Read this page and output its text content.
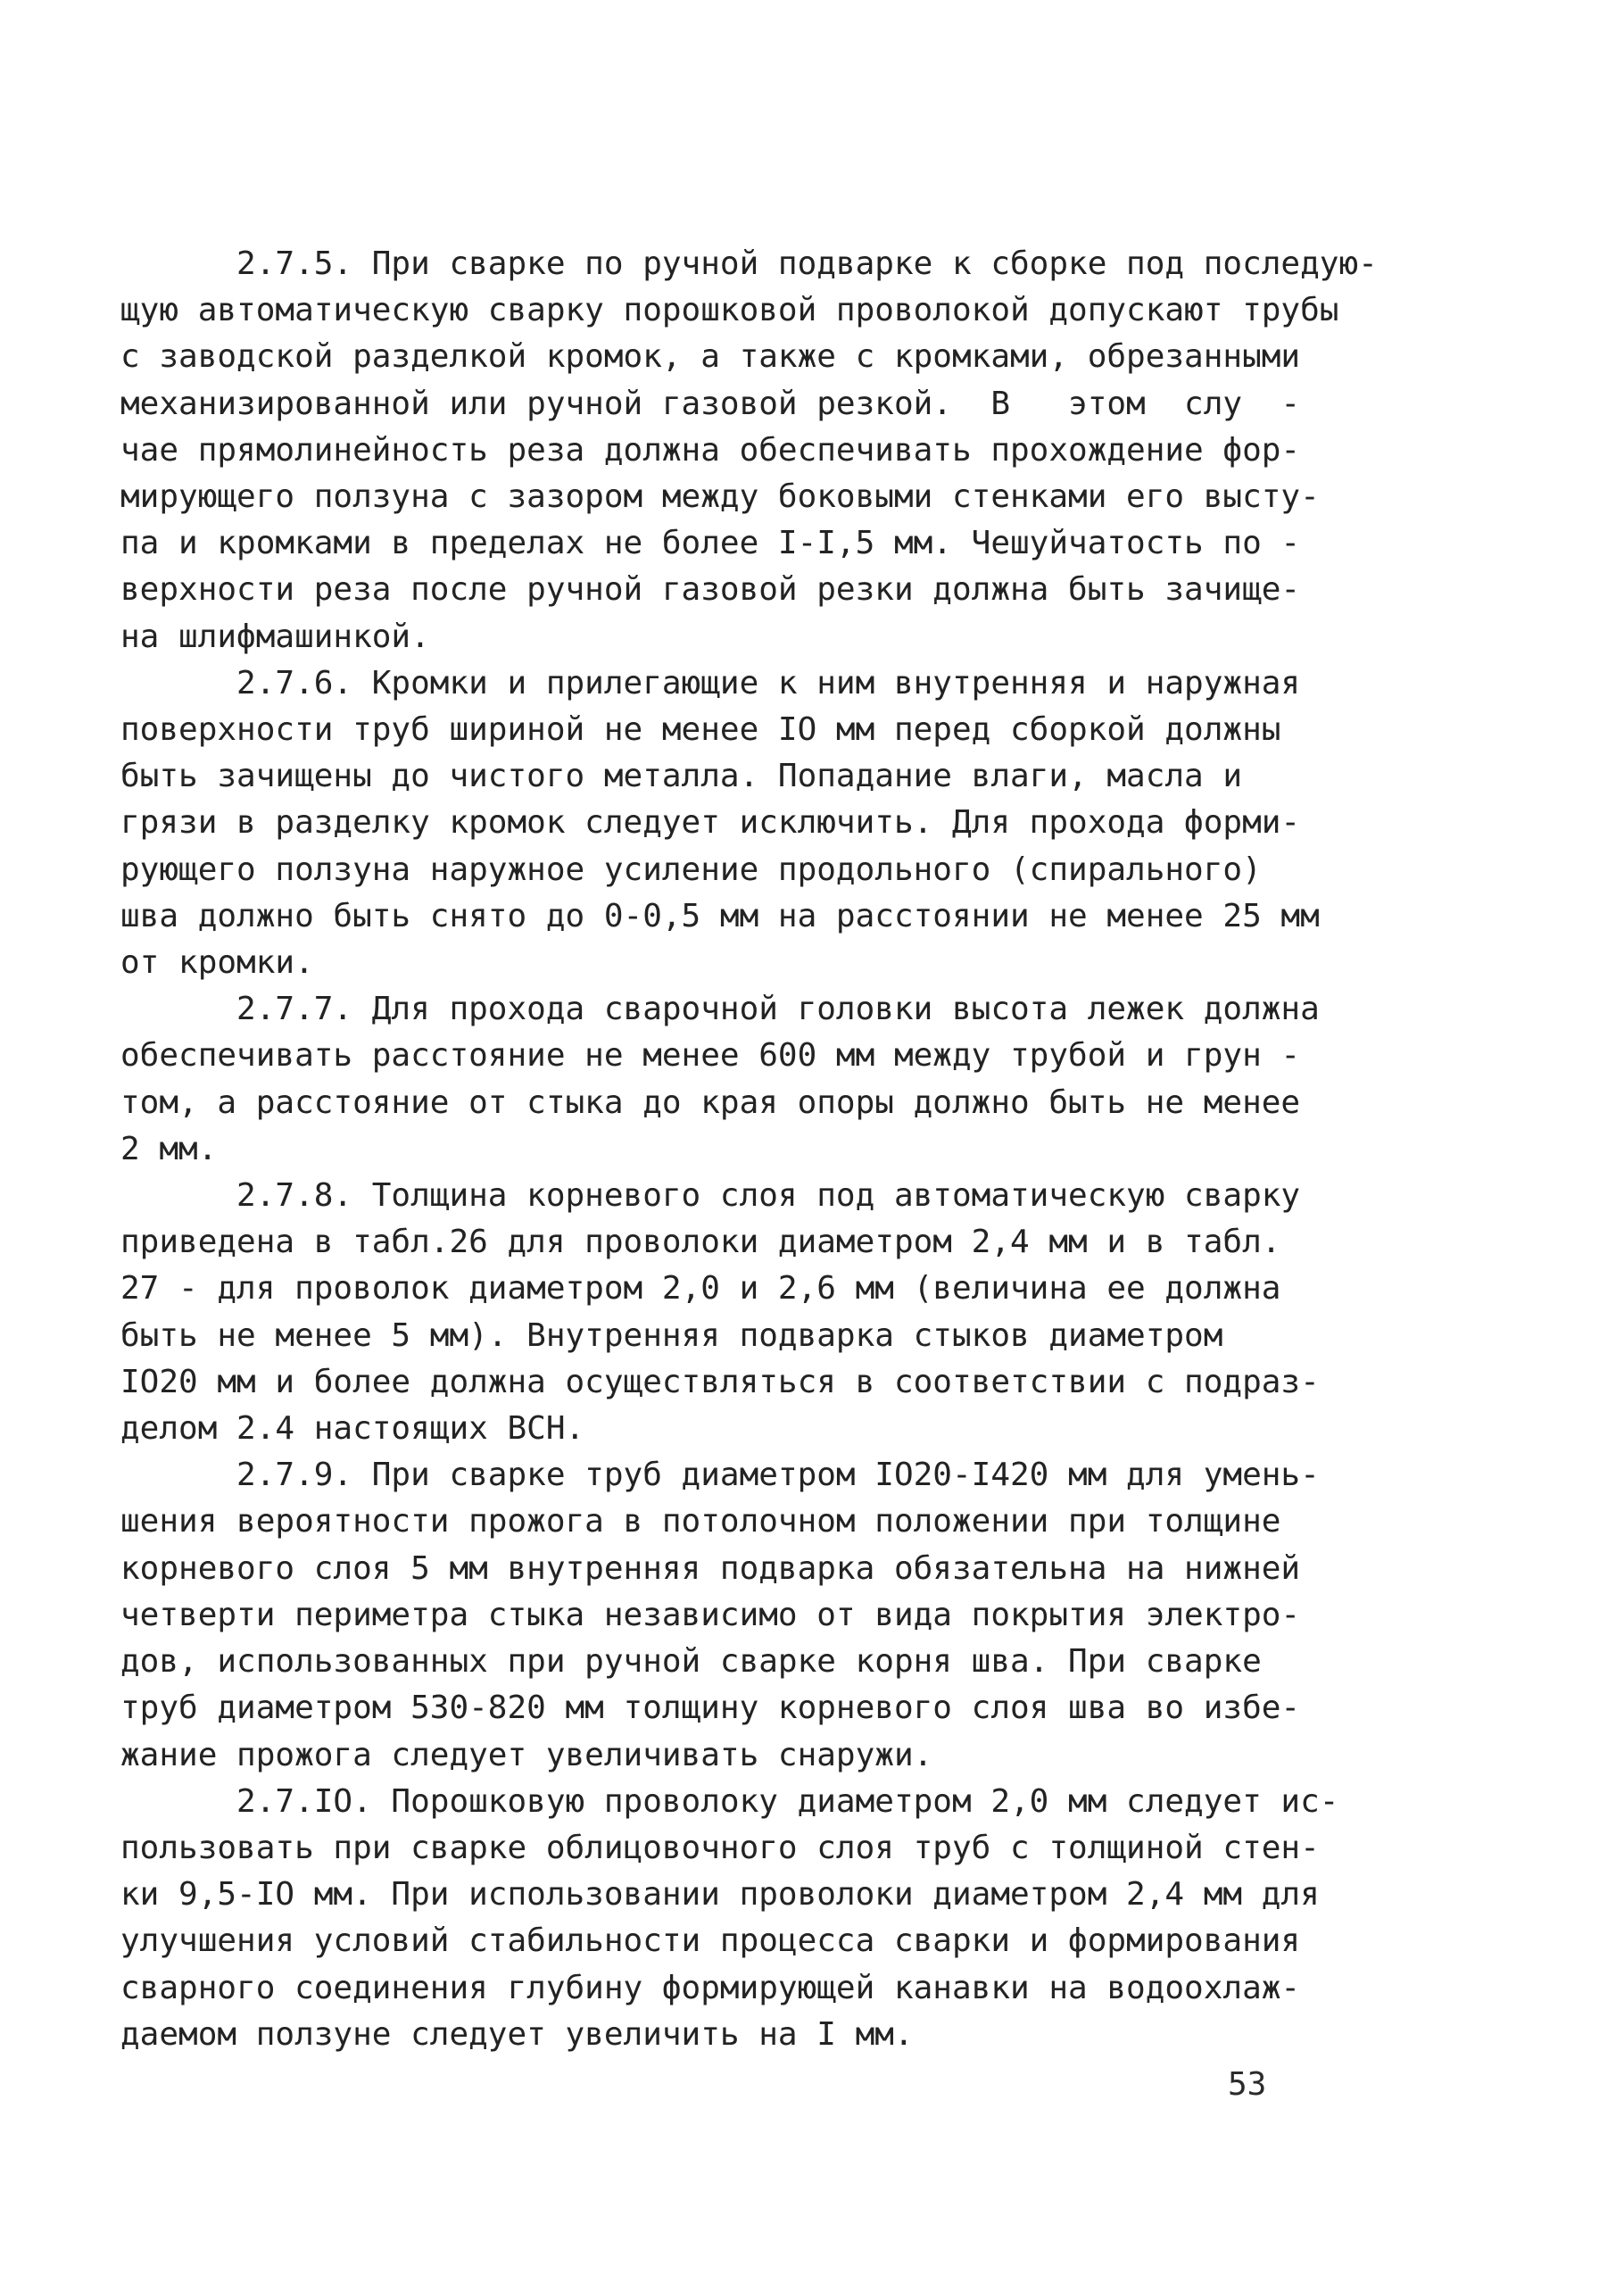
2.7.5. При сварке по ручной подварке к сборке под последую-
щую автоматическую сварку порошковой проволокой допускают трубы
с заводской разделкой кромок, а также с кромками, обрезанными
механизированной или ручной газовой резкой.  В   этом  слу  -
чае прямолинейность реза должна обеспечивать прохождение фор-
мирующего ползуна с зазором между боковыми стенками его высту-
па и кромками в пределах не более I-I,5 мм. Чешуйчатость по -
верхности реза после ручной газовой резки должна быть зачище-
на шлифмашинкой.
2.7.6. Кромки и прилегающие к ним внутренняя и наружная
поверхности труб шириной не менее IO мм перед сборкой должны
быть зачищены до чистого металла. Попадание влаги, масла и
грязи в разделку кромок следует исключить. Для прохода форми-
рующего ползуна наружное усиление продольного (спирального)
шва должно быть снято до 0-0,5 мм на расстоянии не менее 25 мм
от кромки.
2.7.7. Для прохода сварочной головки высота лежек должна
обеспечивать расстояние не менее 600 мм между трубой и грун -
том, а расстояние от стыка до края опоры должно быть не менее
2 мм.
2.7.8. Толщина корневого слоя под автоматическую сварку
приведена в табл.26 для проволоки диаметром 2,4 мм и в табл.
27 - для проволок диаметром 2,0 и 2,6 мм (величина ее должна
быть не менее 5 мм). Внутренняя подварка стыков диаметром
IO20 мм и более должна осуществляться в соответствии с подраз-
делом 2.4 настоящих ВСН.
2.7.9. При сварке труб диаметром IO20-I420 мм для умень-
шения вероятности прожога в потолочном положении при толщине
корневого слоя 5 мм внутренняя подварка обязательна на нижней
четверти периметра стыка независимо от вида покрытия электро-
дов, использованных при ручной сварке корня шва. При сварке
труб диаметром 530-820 мм толщину корневого слоя шва во избе-
жание прожога следует увеличивать снаружи.
2.7.IO. Порошковую проволоку диаметром 2,0 мм следует ис-
пользовать при сварке облицовочного слоя труб с толщиной стен-
ки 9,5-IO мм. При использовании проволоки диаметром 2,4 мм для
улучшения условий стабильности процесса сварки и формирования
сварного соединения глубину формирующей канавки на водоохлаж-
даемом ползуне следует увеличить на I мм.
53
